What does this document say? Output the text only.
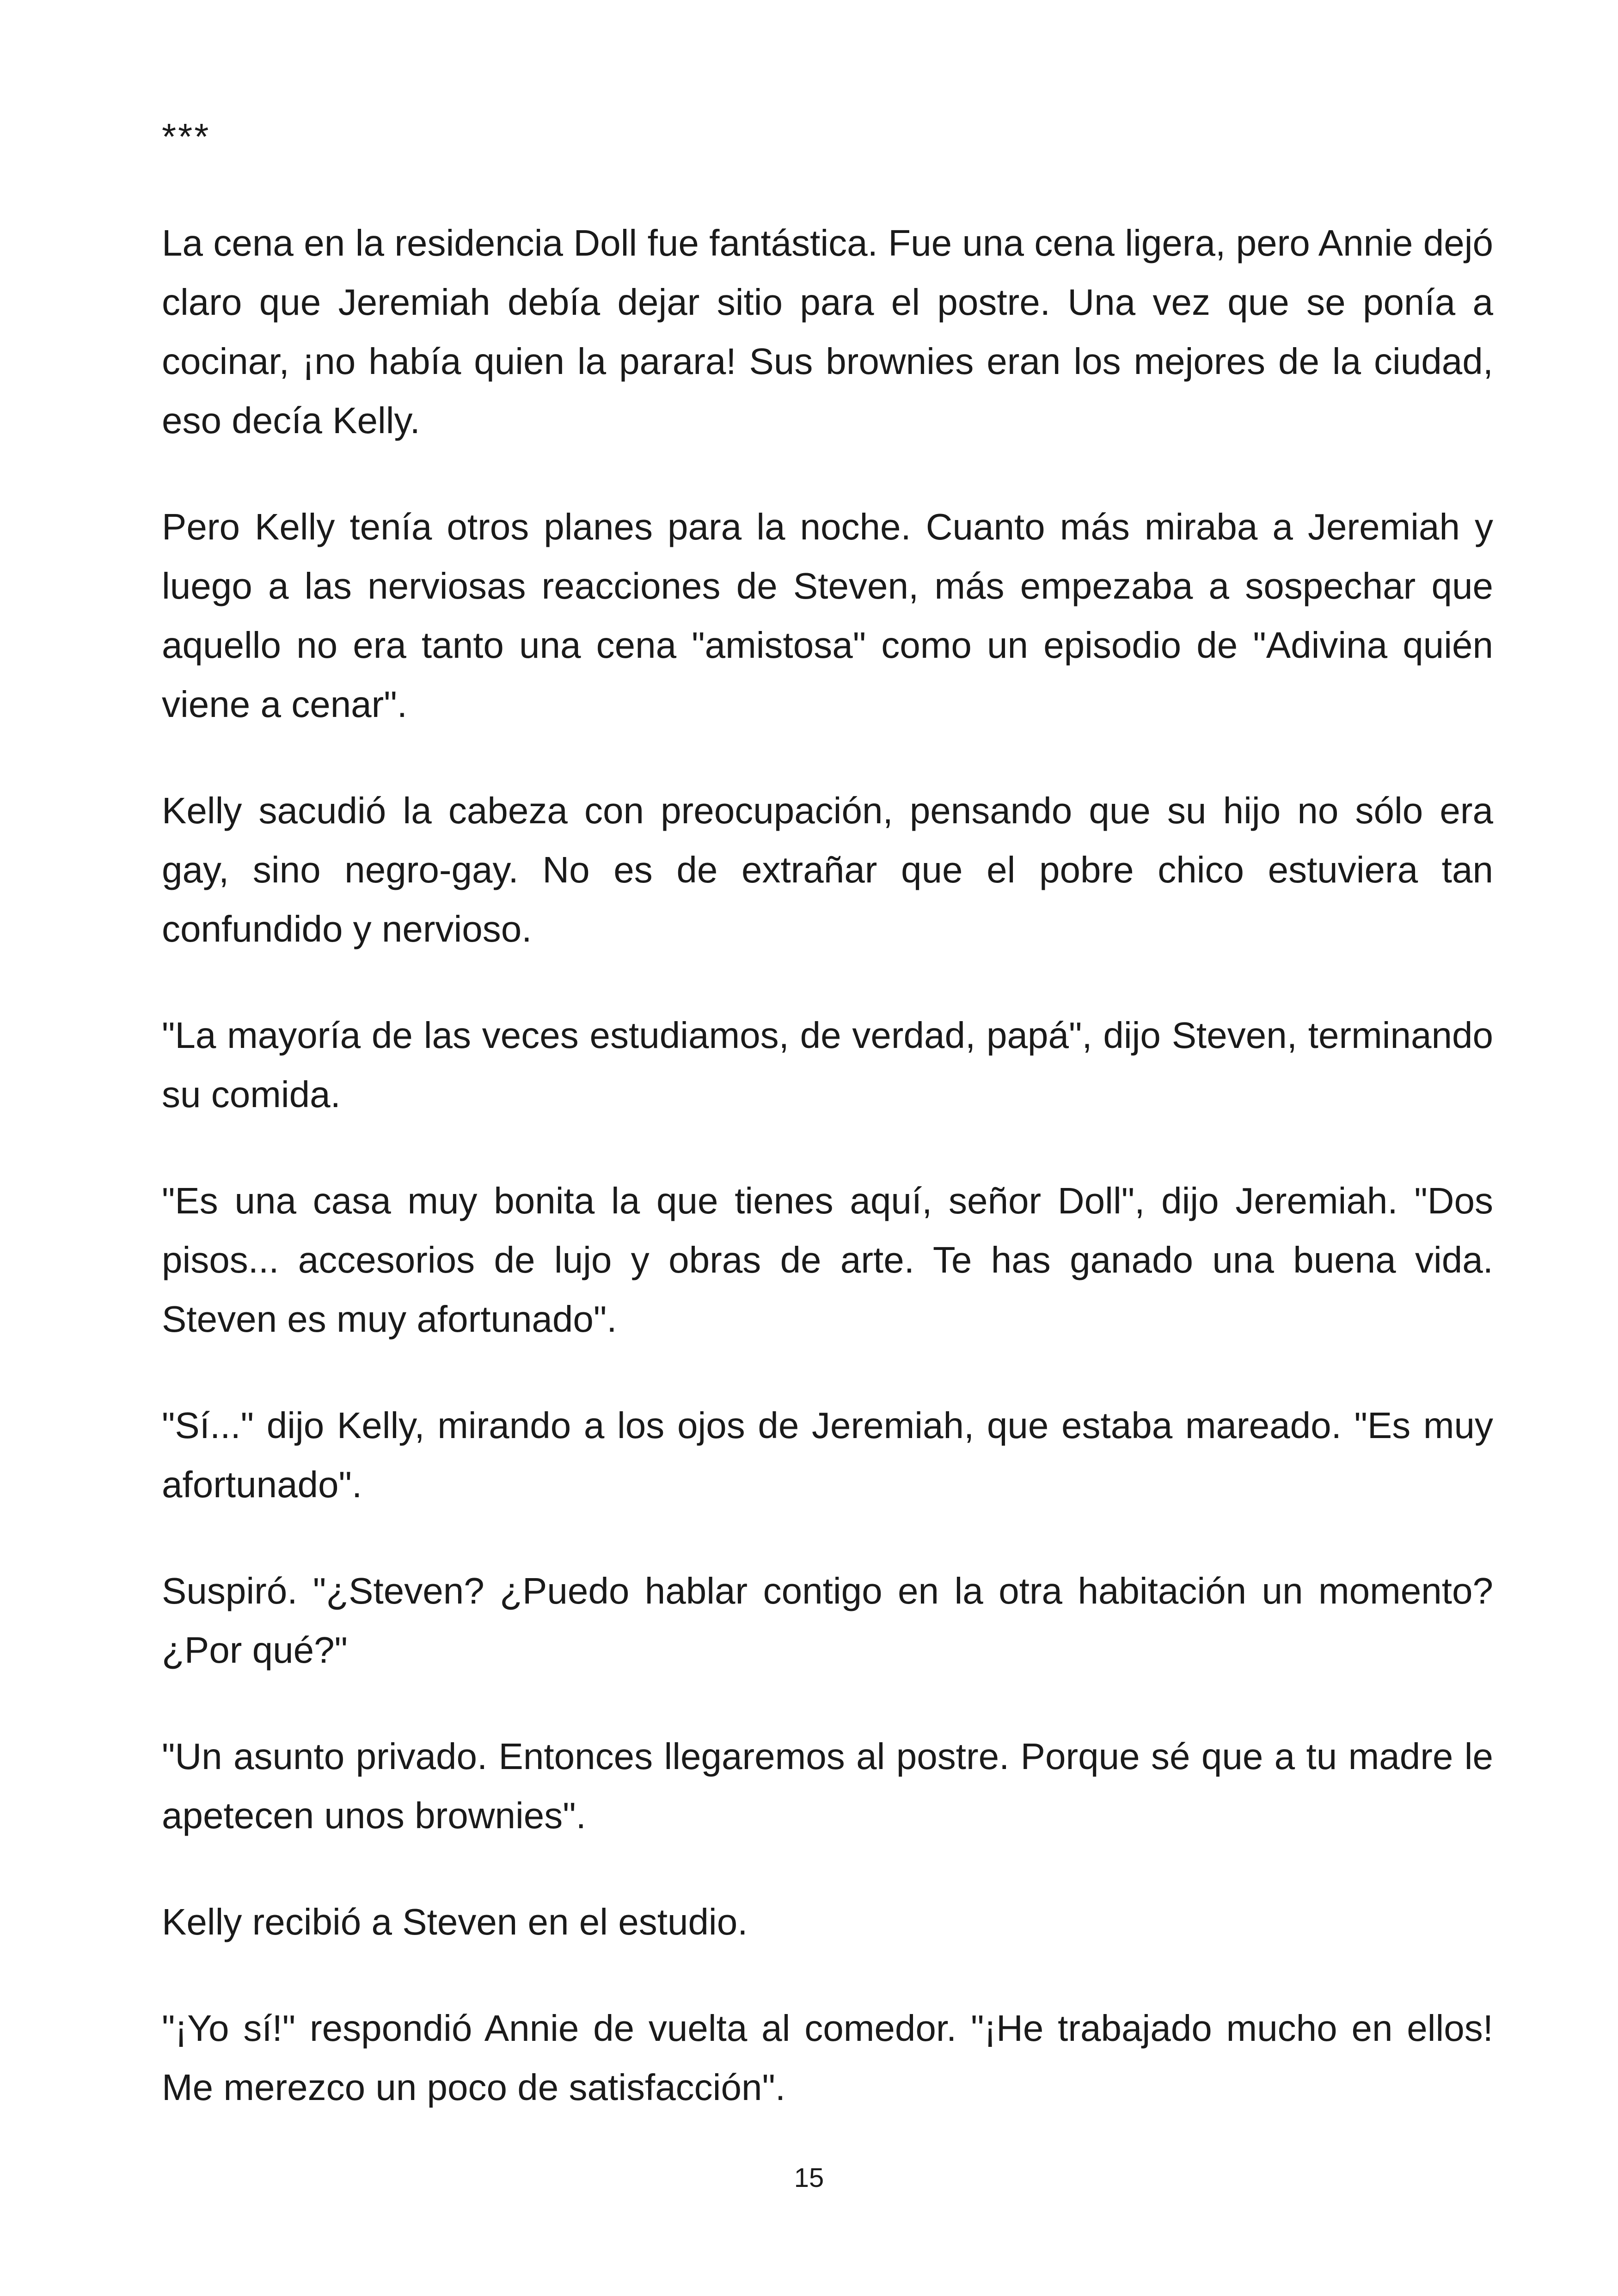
***

La cena en la residencia Doll fue fantástica. Fue una cena ligera, pero Annie dejó claro que Jeremiah debía dejar sitio para el postre. Una vez que se ponía a cocinar, ¡no había quien la parara! Sus brownies eran los mejores de la ciudad, eso decía Kelly.

Pero Kelly tenía otros planes para la noche. Cuanto más miraba a Jeremiah y luego a las nerviosas reacciones de Steven, más empezaba a sospechar que aquello no era tanto una cena "amistosa" como un episodio de "Adivina quién viene a cenar".

Kelly sacudió la cabeza con preocupación, pensando que su hijo no sólo era gay, sino negro-gay. No es de extrañar que el pobre chico estuviera tan confundido y nervioso.

"La mayoría de las veces estudiamos, de verdad, papá", dijo Steven, terminando su comida.

"Es una casa muy bonita la que tienes aquí, señor Doll", dijo Jeremiah. "Dos pisos... accesorios de lujo y obras de arte. Te has ganado una buena vida. Steven es muy afortunado".

"Sí..." dijo Kelly, mirando a los ojos de Jeremiah, que estaba mareado. "Es muy afortunado".

Suspiró. "¿Steven? ¿Puedo hablar contigo en la otra habitación un momento? ¿Por qué?"

"Un asunto privado. Entonces llegaremos al postre. Porque sé que a tu madre le apetecen unos brownies".

Kelly recibió a Steven en el estudio.

"¡Yo sí!" respondió Annie de vuelta al comedor. "¡He trabajado mucho en ellos! Me merezco un poco de satisfacción".

15
